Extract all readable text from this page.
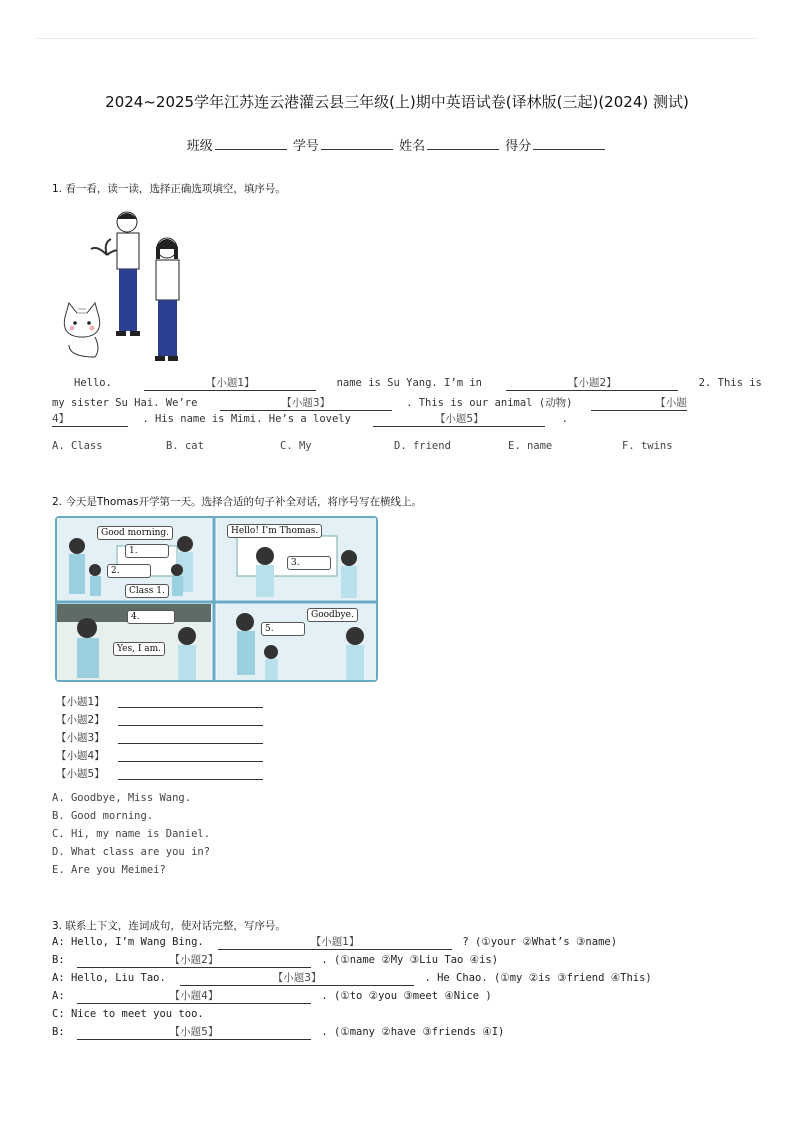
2024~2025学年江苏连云港灌云县三年级(上)期中英语试卷(译林版(三起)(2024) 测试)
班级	学号	姓名	得分
1. 看一看，读一读，选择正确选项填空，填序号。
Hello.	【小题1】	name is Su Yang. I’m in	【小题2】	2. This is
my sister Su Hai. We’re	【小题3】	. This is our animal (动物)	【小题
4】	. His name is Mimi. He’s a lovely	【小题5】	.
A. Class	B. cat	C. My	D. friend	E. name	F. twins
2. 今天是Thomas开学第一天。选择合适的句子补全对话，将序号写在横线上。
Good morning.
1.
2.
Class 1.
Hello! I’m Thomas.
3.
4.
Yes, I am.
Goodbye.
5.
【小题1】
【小题2】
【小题3】
【小题4】
【小题5】
A. Goodbye, Miss Wang.
B. Good morning.
C. Hi, my name is Daniel.
D. What class are you in?
E. Are you Meimei?
3. 联系上下文，连词成句，使对话完整，写序号。
A: Hello, I’m Wang Bing.	【小题1】	? (①your ②What’s ③name)
B:	【小题2】	. (①name ②My ③Liu Tao ④is)
A: Hello, Liu Tao.	【小题3】	. He Chao. (①my ②is ③friend ④This)
A:	【小题4】	. (①to ②you ③meet ④Nice )
C: Nice to meet you too.
B:	【小题5】	. (①many ②have ③friends ④I)
